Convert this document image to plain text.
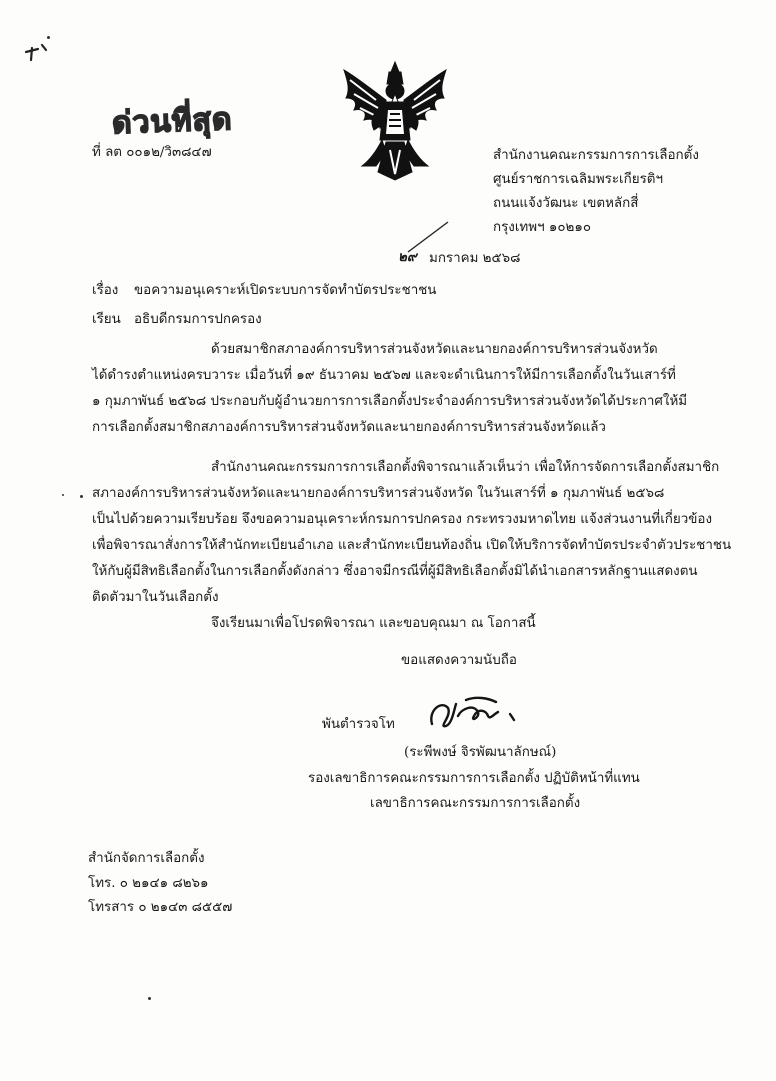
ด่วนที่สุด
ที่ ลต ๐๐๑๒/วิ๓๘๔๗	สำนักงานคณะกรรมการการเลือกตั้ง
ศูนย์ราชการเฉลิมพระเกียรติฯ
ถนนแจ้งวัฒนะ เขตหลักสี่
กรุงเทพฯ ๑๐๒๑๐
๒๙ มกราคม ๒๕๖๘
เรื่อง ขอความอนุเคราะห์เปิดระบบการจัดทำบัตรประชาชน
เรียน อธิบดีกรมการปกครอง
ด้วยสมาชิกสภาองค์การบริหารส่วนจังหวัดและนายกองค์การบริหารส่วนจังหวัด
ได้ดำรงตำแหน่งครบวาระ เมื่อวันที่ ๑๙ ธันวาคม ๒๕๖๗ และจะดำเนินการให้มีการเลือกตั้งในวันเสาร์ที่
๑ กุมภาพันธ์ ๒๕๖๘ ประกอบกับผู้อำนวยการการเลือกตั้งประจำองค์การบริหารส่วนจังหวัดได้ประกาศให้มี
การเลือกตั้งสมาชิกสภาองค์การบริหารส่วนจังหวัดและนายกองค์การบริหารส่วนจังหวัดแล้ว
สำนักงานคณะกรรมการการเลือกตั้งพิจารณาแล้วเห็นว่า เพื่อให้การจัดการเลือกตั้งสมาชิก
สภาองค์การบริหารส่วนจังหวัดและนายกองค์การบริหารส่วนจังหวัด ในวันเสาร์ที่ ๑ กุมภาพันธ์ ๒๕๖๘
เป็นไปด้วยความเรียบร้อย จึงขอความอนุเคราะห์กรมการปกครอง กระทรวงมหาดไทย แจ้งส่วนงานที่เกี่ยวข้อง
เพื่อพิจารณาสั่งการให้สำนักทะเบียนอำเภอ และสำนักทะเบียนท้องถิ่น เปิดให้บริการจัดทำบัตรประจำตัวประชาชน
ให้กับผู้มีสิทธิเลือกตั้งในการเลือกตั้งดังกล่าว ซึ่งอาจมีกรณีที่ผู้มีสิทธิเลือกตั้งมิได้นำเอกสารหลักฐานแสดงตน
ติดตัวมาในวันเลือกตั้ง
จึงเรียนมาเพื่อโปรดพิจารณา และขอบคุณมา ณ โอกาสนี้
ขอแสดงความนับถือ
พันตำรวจโท
(ระพีพงษ์ จิรพัฒนาลักษณ์)
รองเลขาธิการคณะกรรมการการเลือกตั้ง ปฏิบัติหน้าที่แทน
เลขาธิการคณะกรรมการการเลือกตั้ง
สำนักจัดการเลือกตั้ง
โทร. ๐ ๒๑๔๑ ๘๒๖๑
โทรสาร ๐ ๒๑๔๓ ๘๕๕๗
